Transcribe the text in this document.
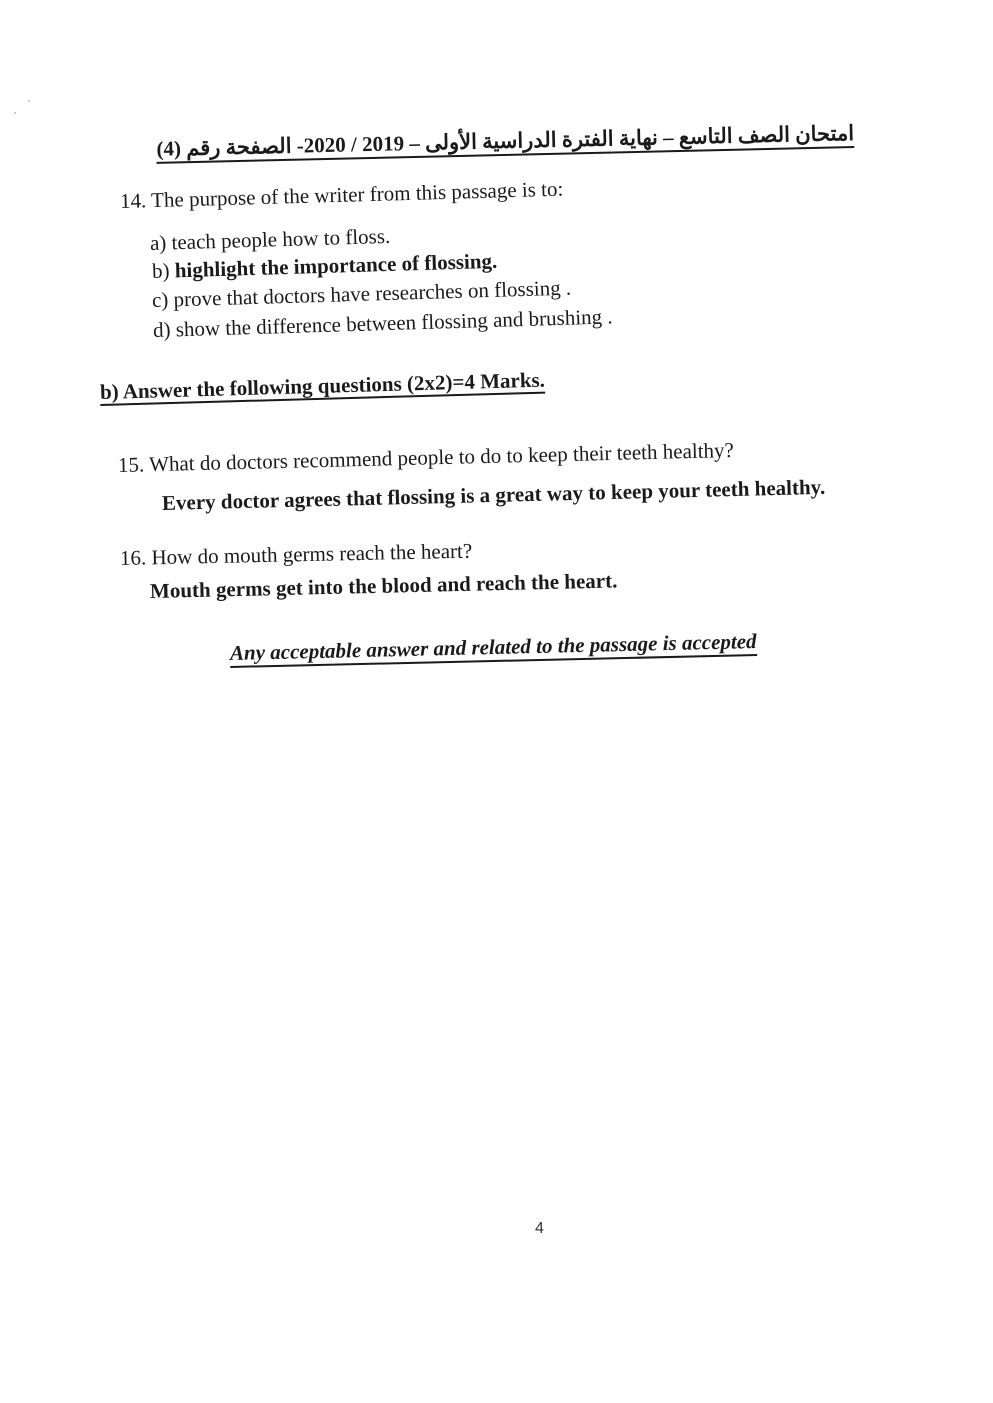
امتحان الصف التاسع – نهاية الفترة الدراسية الأولى – 2019 / 2020- الصفحة رقم (4)
14. The purpose of the writer from this passage is to:
a) teach people how to floss.
b) highlight the importance of flossing.
c) prove that doctors have researches on flossing .
d) show the difference between flossing and brushing .
b) Answer the following questions (2x2)=4 Marks.
15. What do doctors recommend people to do to keep their teeth healthy?
Every doctor agrees that flossing is a great way to keep your teeth healthy.
16. How do mouth germs reach the heart?
Mouth germs get into the blood and reach the heart.
Any acceptable answer and related to the passage is accepted
4
